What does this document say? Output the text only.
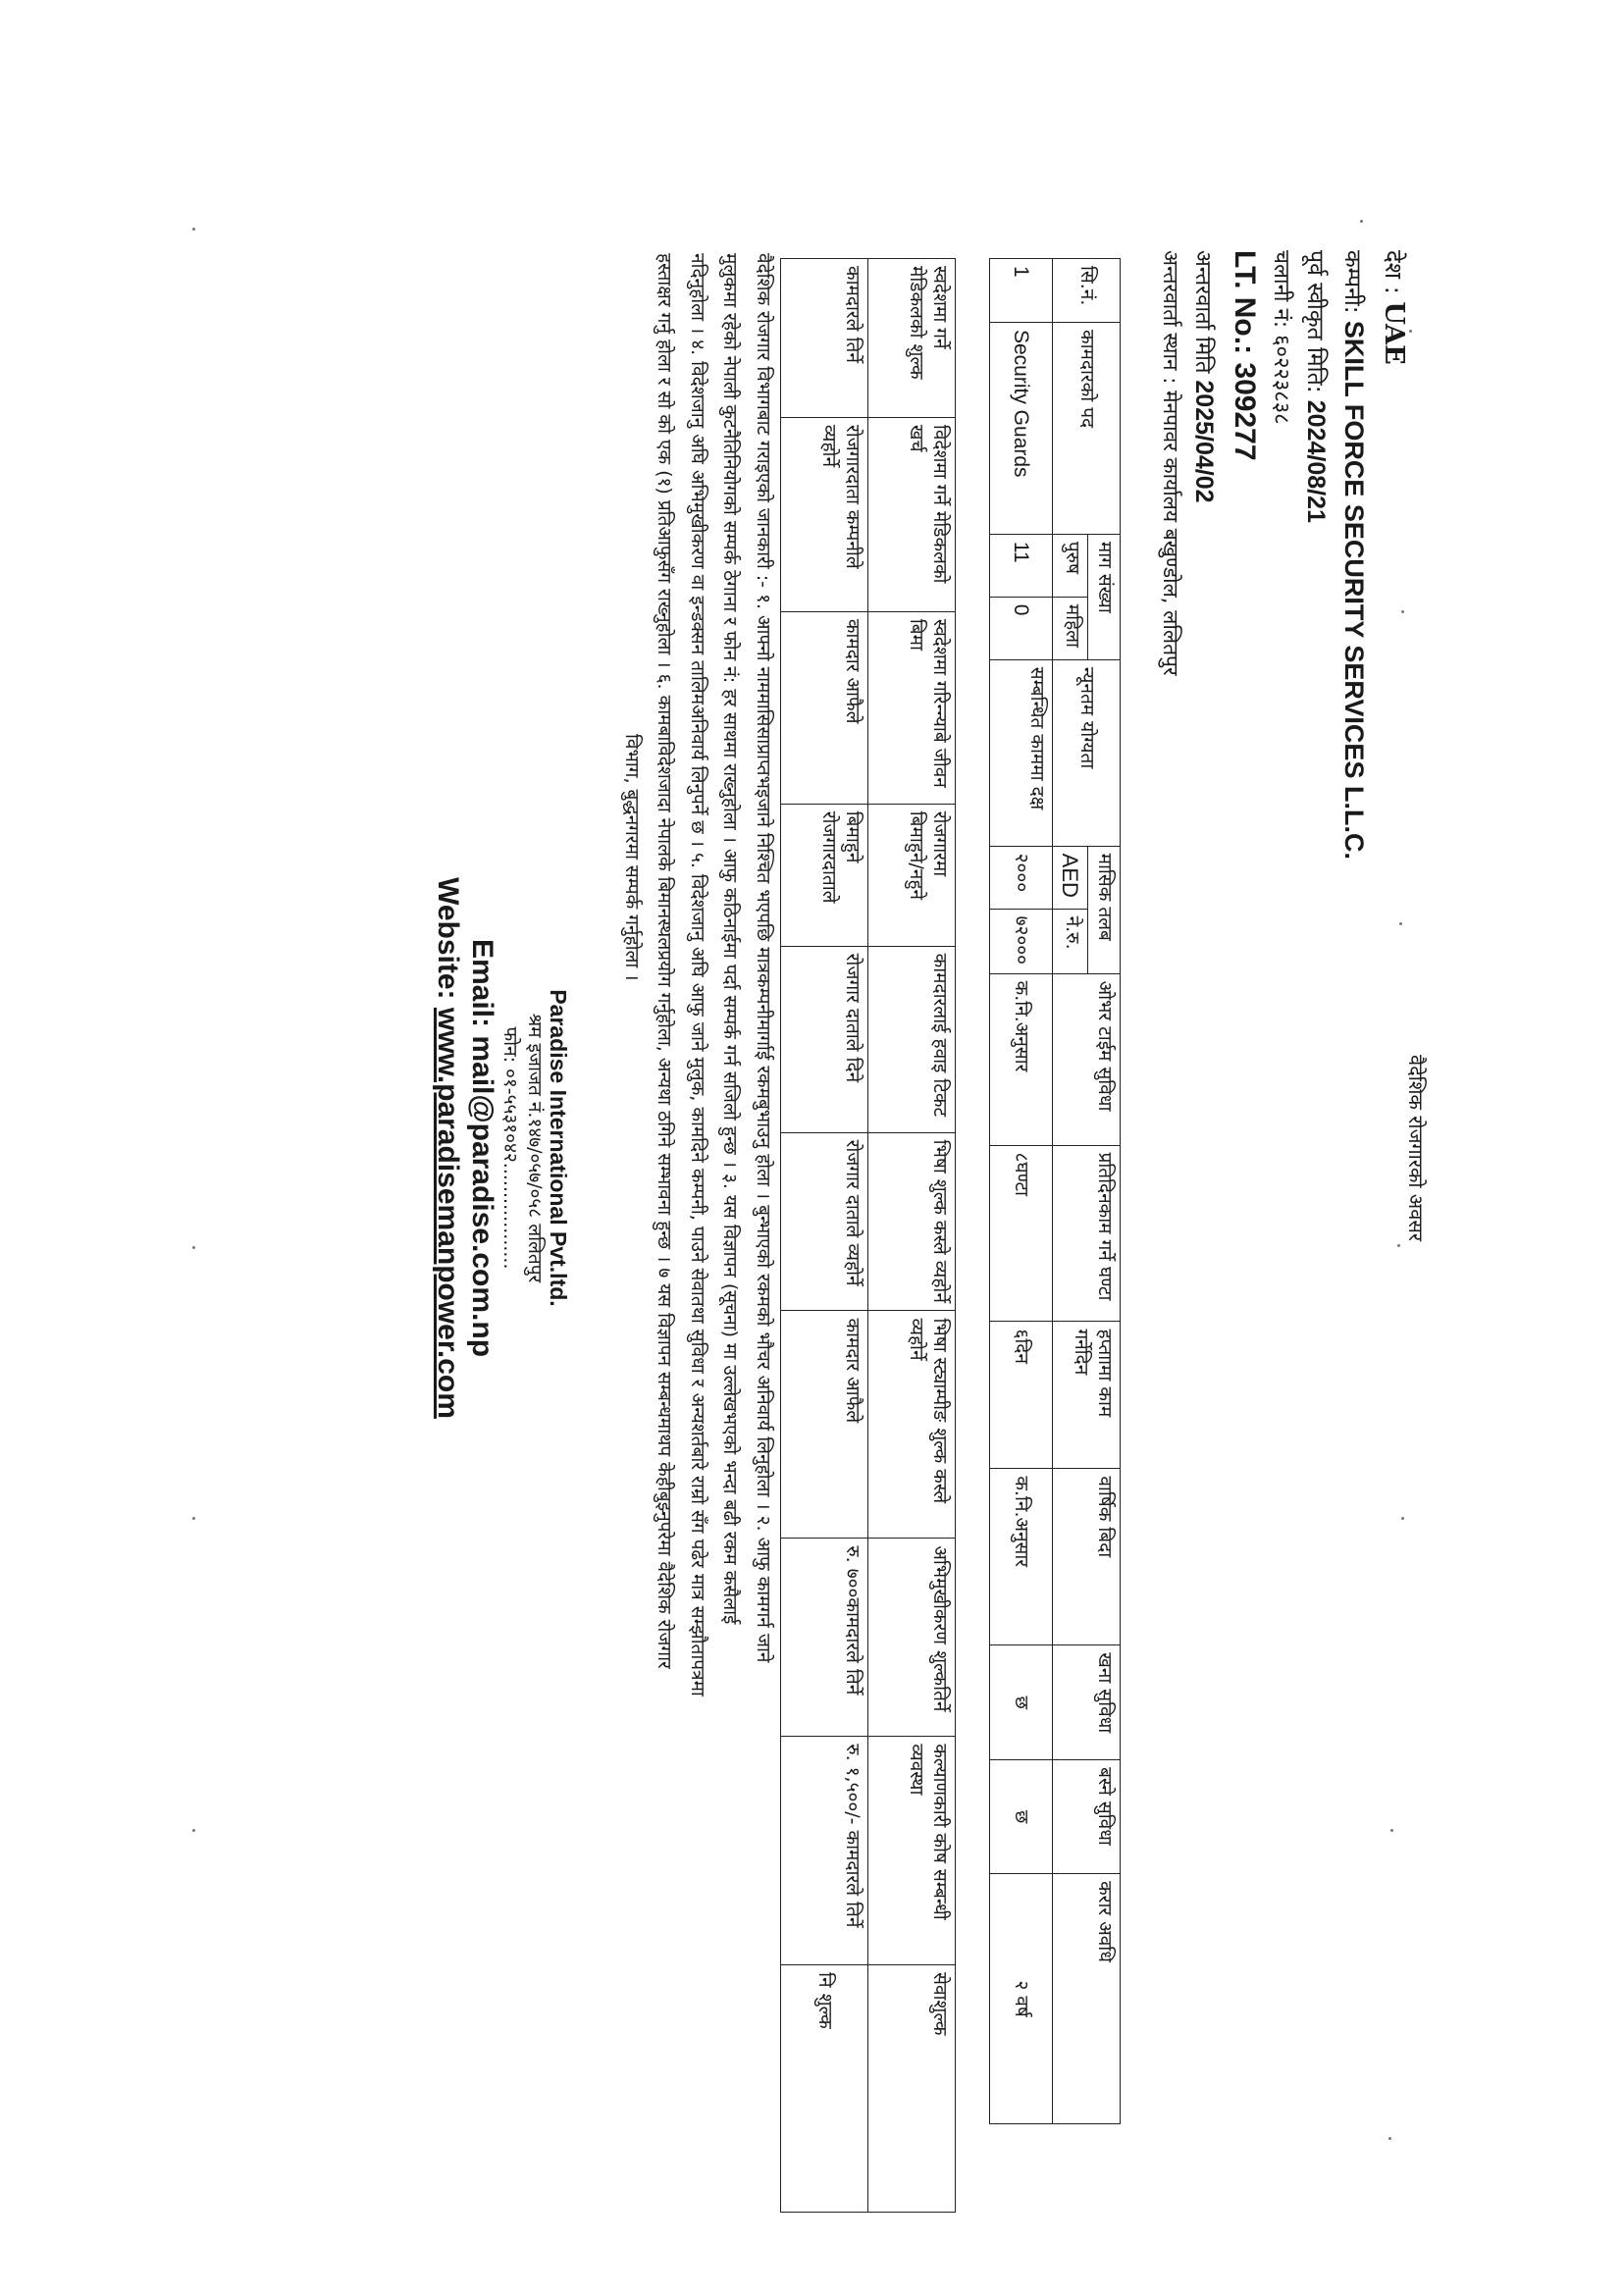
वैदेशिक रोजगारको अवसर
देश : UAE
कम्पनी: SKILL FORCE SECURITY SERVICES L.L.C.
पूर्व स्वीकृत मिति: 2024/08/21
चलानी नं: ६०२२३८३८
LT. No.: 309277
अन्तरवार्ता मिति 2025/04/02
अन्तरवार्ता स्थान : मेनपावर कार्यालय बखुण्डोल, ललितपुर
सि.नं.	कामदारको पद	माग संख्या		न्यूनतम योग्यता	मासिक तलब		ओभर टाईम सुविधा	प्रतिदिनकाम गर्ने घण्टा	हप्ताामा काम गर्नेदिन	वार्षिक बिदा	खना सुविधा	बस्ने सुविधा	करार अवधि
		पुरुष	महिला		AED	ने.रु.							
1	Security Guards	11	0	सम्बन्धित काममा दक्ष	२०००	७२०००	क.नि.अनुसार	८घण्टा	६दिन	क.नि.अनुसार	छ	छ	२ वर्ष
स्वदेशमा गर्ने मेडिकलको शुल्क	विदेशमा गर्ने मेडिकलको खर्च	स्वदेशमा गरिन्न्याबे जीवन बिमा	रोजगारमा बिमाहुने/नहुने	कामदारलाई हवाइ टिकट	भिषा शुल्क कस्ले व्यहोर्ने	भिषा स्ट्याम्पीङ शुल्क कस्ले व्यहोर्ने	अभिमुखीकरण शुल्कतिर्ने	कल्याणकारी कोष सम्बन्धी व्यवस्था	सेवाशुल्क
कामदारले तिर्ने	रोजगारदाता कम्पनीले व्यहोर्ने	कामदार आफैले	बिमाहुने रोजगारदाताले	रोजगार दाताले दिने	रोजगार दाताले व्यहोर्ने	कामदार आफैले	रु. ७००कामदारले तिर्ने	रु. १,५००/- कामदारले तिर्ने	नि शुल्क
वैदेशिक रोजगार विभागबाट गराइएको जानकारी :- १. आफ्नो नाममासिसाप्राप्तभइजाने निश्चित भएपछि मात्रकम्पनीमार्गाई रकमबुभाउनु होला । बुन्भाएको रकमको भौचर अनिवार्य लिनुहोला । २. आफु कामगर्न जाने
मुलुकमा रहेको नेपाली कुटनैतिनियोगको सम्पर्क ठेगाना र फोन नं: हर साथमा राख्नुहोला । आफु कठिनाईमा पर्दा सम्पर्क गर्न सजिलो हुन्छ । ३. यस विज्ञापन (सूचना) मा उल्लेखभएको भन्दा बढी रकम कसैलाई
नदिनुहोला । ४. विदेशजानु अघि अभिमुखीकरण वा इन्डक्सन तालिमअनिवार्य लिनुपर्ने छ । ५. विदेशजानु अघि आफु जाने मुलुक, कामदिने कम्पनी, पाउने सेवातथा सुविधा र अन्यशर्तबारे राम्रो सँग पढेर मात्र सम्झौतापत्रमा
हस्ताक्षर गर्नु होला र सो को एक (१) प्रतिआफुसँग राख्नुहोला । ६. कामबाविदेशजादा नेपालके बिमानस्थलप्रयोग गर्नुहोला, अन्यथा ठगिने सम्भावना हुन्छ । ७ यस विज्ञापन सम्बन्धमाथप केहीबुझ्नुपरेमा वैदेशिक रोजगार
विभाग, बुद्धनगरमा सम्पर्क गर्नुहोला ।
Paradise International Pvt.ltd.
श्रम इजाजत नं.१४७/०५७/०५८ ललितपुर
फोन: ०१-५५३१०४२..................
Email: mail@paradise.com.np
Website: www.paradisemanpower.com
